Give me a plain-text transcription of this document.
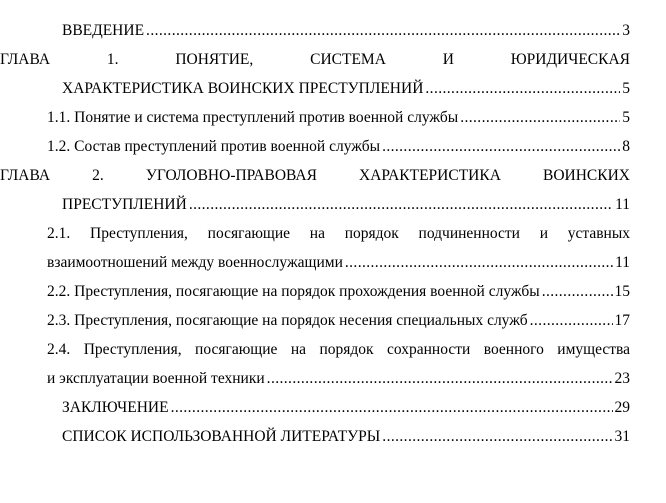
ВВЕДЕНИЕ .....	3
ГЛАВА 1. ПОНЯТИЕ, СИСТЕМА И ЮРИДИЧЕСКАЯ
ХАРАКТЕРИСТИКА ВОИНСКИХ ПРЕСТУПЛЕНИЙ .....	5
1.1. Понятие и система преступлений против военной службы .....	5
1.2. Состав преступлений против военной службы .....	8
ГЛАВА 2. УГОЛОВНО-ПРАВОВАЯ ХАРАКТЕРИСТИКА ВОИНСКИХ
ПРЕСТУПЛЕНИЙ .....	11
2.1. Преступления, посягающие на порядок подчиненности и уставных
взаимоотношений между военнослужащими .....	11
2.2. Преступления, посягающие на порядок прохождения военной службы .....	15
2.3. Преступления, посягающие на порядок несения специальных служб .....	17
2.4. Преступления, посягающие на порядок сохранности военного имущества
и эксплуатации военной техники .....	23
ЗАКЛЮЧЕНИЕ .....	29
СПИСОК ИСПОЛЬЗОВАННОЙ ЛИТЕРАТУРЫ .....	31
